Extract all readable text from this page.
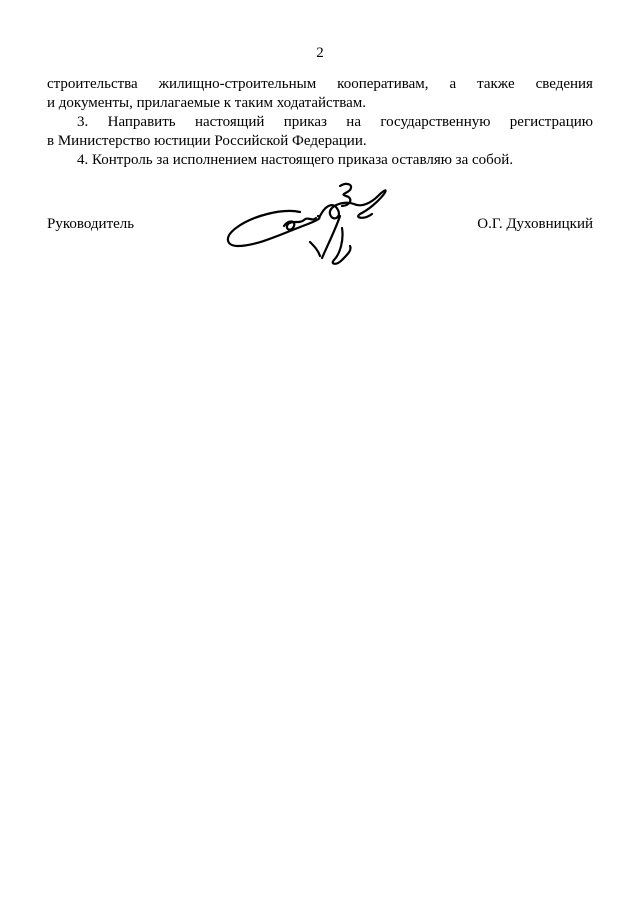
2
строительства жилищно-строительным кооперативам, а также сведения
и документы, прилагаемые к таким ходатайствам.
3. Направить настоящий приказ на государственную регистрацию
в Министерство юстиции Российской Федерации.
4. Контроль за исполнением настоящего приказа оставляю за собой.
Руководитель	О.Г. Духовницкий
